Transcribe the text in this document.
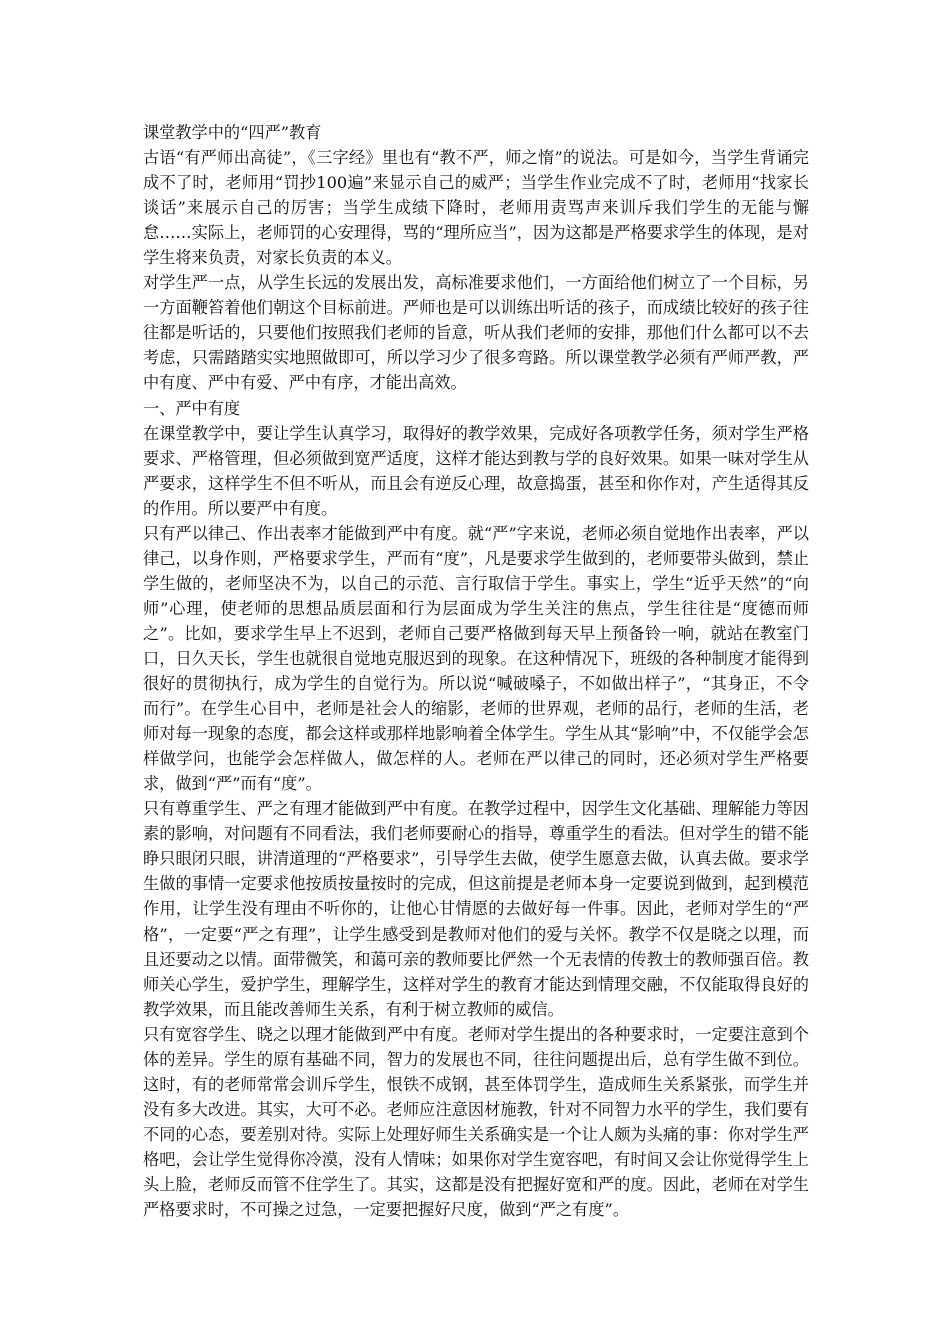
课堂教学中的“四严”教育

古语“有严师出高徒”，《三字经》里也有“教不严，师之惰”的说法。可是如今，当学生背诵完成不了时，老师用“罚抄100遍”来显示自己的威严；当学生作业完成不了时，老师用“找家长谈话”来展示自己的厉害；当学生成绩下降时，老师用责骂声来训斥我们学生的无能与懈怠……实际上，老师罚的心安理得，骂的“理所应当”，因为这都是严格要求学生的体现，是对学生将来负责，对家长负责的本义。

对学生严一点，从学生长远的发展出发，高标准要求他们，一方面给他们树立了一个目标，另一方面鞭笞着他们朝这个目标前进。严师也是可以训练出听话的孩子，而成绩比较好的孩子往往都是听话的，只要他们按照我们老师的旨意，听从我们老师的安排，那他们什么都可以不去考虑，只需踏踏实实地照做即可，所以学习少了很多弯路。所以课堂教学必须有严师严教，严中有度、严中有爱、严中有序，才能出高效。

一、严中有度

在课堂教学中，要让学生认真学习，取得好的教学效果，完成好各项教学任务，须对学生严格要求、严格管理，但必须做到宽严适度，这样才能达到教与学的良好效果。如果一味对学生从严要求，这样学生不但不听从，而且会有逆反心理，故意捣蛋，甚至和你作对，产生适得其反的作用。所以要严中有度。

只有严以律己、作出表率才能做到严中有度。就“严”字来说，老师必须自觉地作出表率，严以律己，以身作则，严格要求学生，严而有“度”，凡是要求学生做到的，老师要带头做到，禁止学生做的，老师坚决不为，以自己的示范、言行取信于学生。事实上，学生“近乎天然”的“向师”心理，使老师的思想品质层面和行为层面成为学生关注的焦点，学生往往是“度德而师之”。比如，要求学生早上不迟到，老师自己要严格做到每天早上预备铃一响，就站在教室门口，日久天长，学生也就很自觉地克服迟到的现象。在这种情况下，班级的各种制度才能得到很好的贯彻执行，成为学生的自觉行为。所以说“喊破嗓子，不如做出样子”，“其身正，不令而行”。在学生心目中，老师是社会人的缩影，老师的世界观，老师的品行，老师的生活，老师对每一现象的态度，都会这样或那样地影响着全体学生。学生从其“影响”中，不仅能学会怎样做学问，也能学会怎样做人，做怎样的人。老师在严以律己的同时，还必须对学生严格要求，做到“严”而有“度”。

只有尊重学生、严之有理才能做到严中有度。在教学过程中，因学生文化基础、理解能力等因素的影响，对问题有不同看法，我们老师要耐心的指导，尊重学生的看法。但对学生的错不能睁只眼闭只眼，讲清道理的“严格要求”，引导学生去做，使学生愿意去做，认真去做。要求学生做的事情一定要求他按质按量按时的完成，但这前提是老师本身一定要说到做到，起到模范作用，让学生没有理由不听你的，让他心甘情愿的去做好每一件事。因此，老师对学生的“严格”，一定要“严之有理”，让学生感受到是教师对他们的爱与关怀。教学不仅是晓之以理，而且还要动之以情。面带微笑，和蔼可亲的教师要比俨然一个无表情的传教士的教师强百倍。教师关心学生，爱护学生，理解学生，这样对学生的教育才能达到情理交融，不仅能取得良好的教学效果，而且能改善师生关系，有利于树立教师的威信。

只有宽容学生、晓之以理才能做到严中有度。老师对学生提出的各种要求时，一定要注意到个体的差异。学生的原有基础不同，智力的发展也不同，往往问题提出后，总有学生做不到位。这时，有的老师常常会训斥学生，恨铁不成钢，甚至体罚学生，造成师生关系紧张，而学生并没有多大改进。其实，大可不必。老师应注意因材施教，针对不同智力水平的学生，我们要有不同的心态，要差别对待。实际上处理好师生关系确实是一个让人颇为头痛的事：你对学生严格吧，会让学生觉得你冷漠，没有人情味；如果你对学生宽容吧，有时间又会让你觉得学生上头上脸，老师反而管不住学生了。其实，这都是没有把握好宽和严的度。因此，老师在对学生严格要求时，不可操之过急，一定要把握好尺度，做到“严之有度”。
